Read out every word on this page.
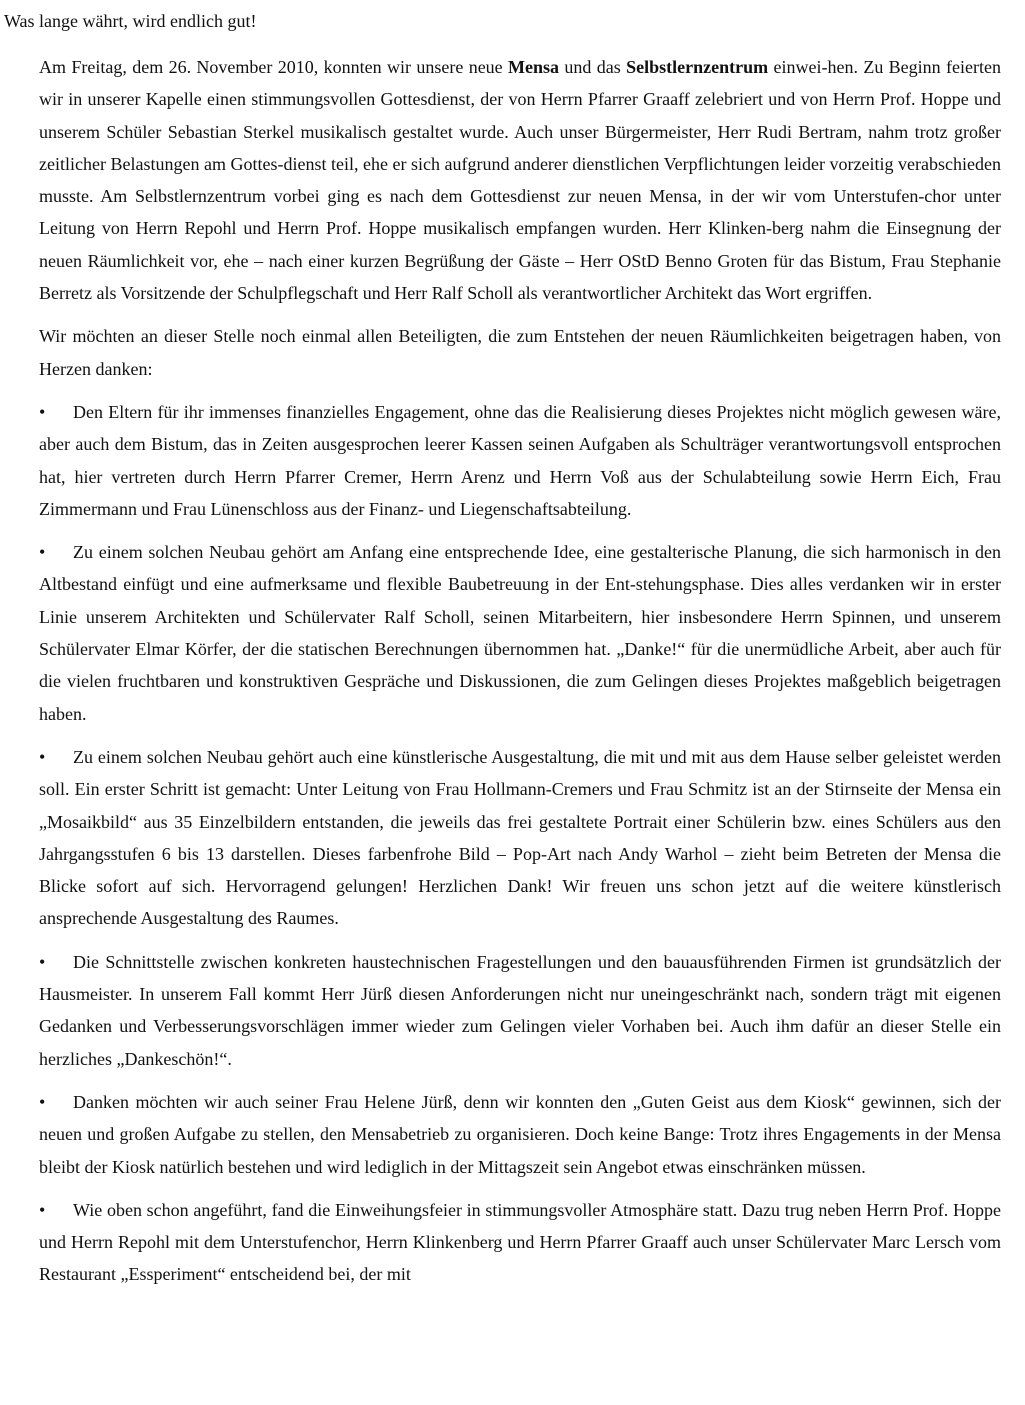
Was lange währt, wird endlich gut!

Am Freitag, dem 26. November 2010, konnten wir unsere neue Mensa und das Selbstlernzentrum einwei-hen. Zu Beginn feierten wir in unserer Kapelle einen stimmungsvollen Gottesdienst, der von Herrn Pfarrer Graaff zelebriert und von Herrn Prof. Hoppe und unserem Schüler Sebastian Sterkel musikalisch gestaltet wurde. Auch unser Bürgermeister, Herr Rudi Bertram, nahm trotz großer zeitlicher Belastungen am Gottes-dienst teil, ehe er sich aufgrund anderer dienstlichen Verpflichtungen leider vorzeitig verabschieden musste. Am Selbstlernzentrum vorbei ging es nach dem Gottesdienst zur neuen Mensa, in der wir vom Unterstufen-chor unter Leitung von Herrn Repohl und Herrn Prof. Hoppe musikalisch empfangen wurden. Herr Klinken-berg nahm die Einsegnung der neuen Räumlichkeit vor, ehe – nach einer kurzen Begrüßung der Gäste – Herr OStD Benno Groten für das Bistum, Frau Stephanie Berretz als Vorsitzende der Schulpflegschaft und Herr Ralf Scholl als verantwortlicher Architekt das Wort ergriffen.

Wir möchten an dieser Stelle noch einmal allen Beteiligten, die zum Entstehen der neuen Räumlichkeiten beigetragen haben, von Herzen danken:

• Den Eltern für ihr immenses finanzielles Engagement, ohne das die Realisierung dieses Projektes nicht möglich gewesen wäre, aber auch dem Bistum, das in Zeiten ausgesprochen leerer Kassen seinen Aufgaben als Schulträger verantwortungsvoll entsprochen hat, hier vertreten durch Herrn Pfarrer Cremer, Herrn Arenz und Herrn Voß aus der Schulabteilung sowie Herrn Eich, Frau Zimmermann und Frau Lünenschloss aus der Finanz- und Liegenschaftsabteilung.

• Zu einem solchen Neubau gehört am Anfang eine entsprechende Idee, eine gestalterische Planung, die sich harmonisch in den Altbestand einfügt und eine aufmerksame und flexible Baubetreuung in der Ent-stehungsphase. Dies alles verdanken wir in erster Linie unserem Architekten und Schülervater Ralf Scholl, seinen Mitarbeitern, hier insbesondere Herrn Spinnen, und unserem Schülervater Elmar Körfer, der die statischen Berechnungen übernommen hat. „Danke!“ für die unermüdliche Arbeit, aber auch für die vielen fruchtbaren und konstruktiven Gespräche und Diskussionen, die zum Gelingen dieses Projektes maßgeblich beigetragen haben.

• Zu einem solchen Neubau gehört auch eine künstlerische Ausgestaltung, die mit und mit aus dem Hause selber geleistet werden soll. Ein erster Schritt ist gemacht: Unter Leitung von Frau Hollmann-Cremers und Frau Schmitz ist an der Stirnseite der Mensa ein „Mosaikbild“ aus 35 Einzelbildern entstanden, die jeweils das frei gestaltete Portrait einer Schülerin bzw. eines Schülers aus den Jahrgangsstufen 6 bis 13 darstellen. Dieses farbenfrohe Bild – Pop-Art nach Andy Warhol – zieht beim Betreten der Mensa die Blicke sofort auf sich. Hervorragend gelungen! Herzlichen Dank! Wir freuen uns schon jetzt auf die weitere künstlerisch ansprechende Ausgestaltung des Raumes.

• Die Schnittstelle zwischen konkreten haustechnischen Fragestellungen und den bauausführenden Firmen ist grundsätzlich der Hausmeister. In unserem Fall kommt Herr Jürß diesen Anforderungen nicht nur uneingeschränkt nach, sondern trägt mit eigenen Gedanken und Verbesserungsvorschlägen immer wieder zum Gelingen vieler Vorhaben bei. Auch ihm dafür an dieser Stelle ein herzliches „Dankeschön!“.

• Danken möchten wir auch seiner Frau Helene Jürß, denn wir konnten den „Guten Geist aus dem Kiosk“ gewinnen, sich der neuen und großen Aufgabe zu stellen, den Mensabetrieb zu organisieren. Doch keine Bange: Trotz ihres Engagements in der Mensa bleibt der Kiosk natürlich bestehen und wird lediglich in der Mittagszeit sein Angebot etwas einschränken müssen.

• Wie oben schon angeführt, fand die Einweihungsfeier in stimmungsvoller Atmosphäre statt. Dazu trug neben Herrn Prof. Hoppe und Herrn Repohl mit dem Unterstufenchor, Herrn Klinkenberg und Herrn Pfarrer Graaff auch unser Schülervater Marc Lersch vom Restaurant „Essperiment“ entscheidend bei, der mit
